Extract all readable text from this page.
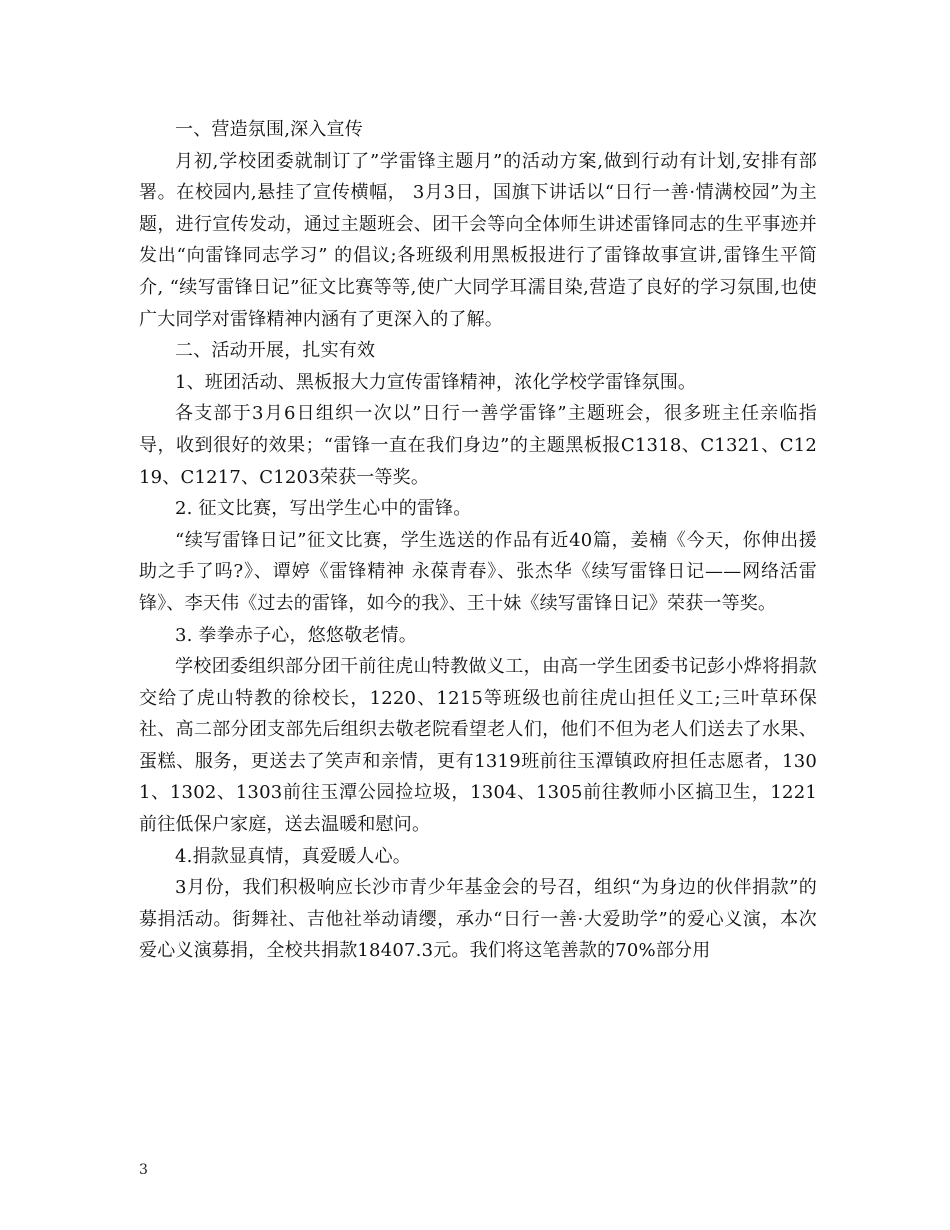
一、营造氛围,深入宣传

月初,学校团委就制订了”学雷锋主题月”的活动方案,做到行动有计划,安排有部署。在校园内,悬挂了宣传横幅， 3月3日，国旗下讲话以“日行一善·情满校园”为主题，进行宣传发动，通过主题班会、团干会等向全体师生讲述雷锋同志的生平事迹并发出“向雷锋同志学习” 的倡议;各班级利用黑板报进行了雷锋故事宣讲,雷锋生平简介, “续写雷锋日记”征文比赛等等,使广大同学耳濡目染,营造了良好的学习氛围,也使广大同学对雷锋精神内涵有了更深入的了解。

二、活动开展，扎实有效

1、班团活动、黑板报大力宣传雷锋精神，浓化学校学雷锋氛围。

各支部于3月6日组织一次以”日行一善学雷锋”主题班会，很多班主任亲临指导，收到很好的效果；“雷锋一直在我们身边”的主题黑板报C1318、C1321、C1219、C1217、C1203荣获一等奖。

2. 征文比赛，写出学生心中的雷锋。

“续写雷锋日记”征文比赛，学生选送的作品有近40篇，姜楠《今天，你伸出援助之手了吗?》、谭婷《雷锋精神 永葆青春》、张杰华《续写雷锋日记——网络活雷锋》、李天伟《过去的雷锋，如今的我》、王十妹《续写雷锋日记》荣获一等奖。

3. 拳拳赤子心，悠悠敬老情。

学校团委组织部分团干前往虎山特教做义工，由高一学生团委书记彭小烨将捐款交给了虎山特教的徐校长，1220、1215等班级也前往虎山担任义工;三叶草环保社、高二部分团支部先后组织去敬老院看望老人们，他们不但为老人们送去了水果、蛋糕、服务，更送去了笑声和亲情，更有1319班前往玉潭镇政府担任志愿者，1301、1302、1303前往玉潭公园捡垃圾，1304、1305前往教师小区搞卫生，1221前往低保户家庭，送去温暖和慰问。

4.捐款显真情，真爱暖人心。

3月份，我们积极响应长沙市青少年基金会的号召，组织“为身边的伙伴捐款”的募捐活动。街舞社、吉他社举动请缨，承办“日行一善·大爱助学”的爱心义演，本次爱心义演募捐，全校共捐款18407.3元。我们将这笔善款的70%部分用

3
